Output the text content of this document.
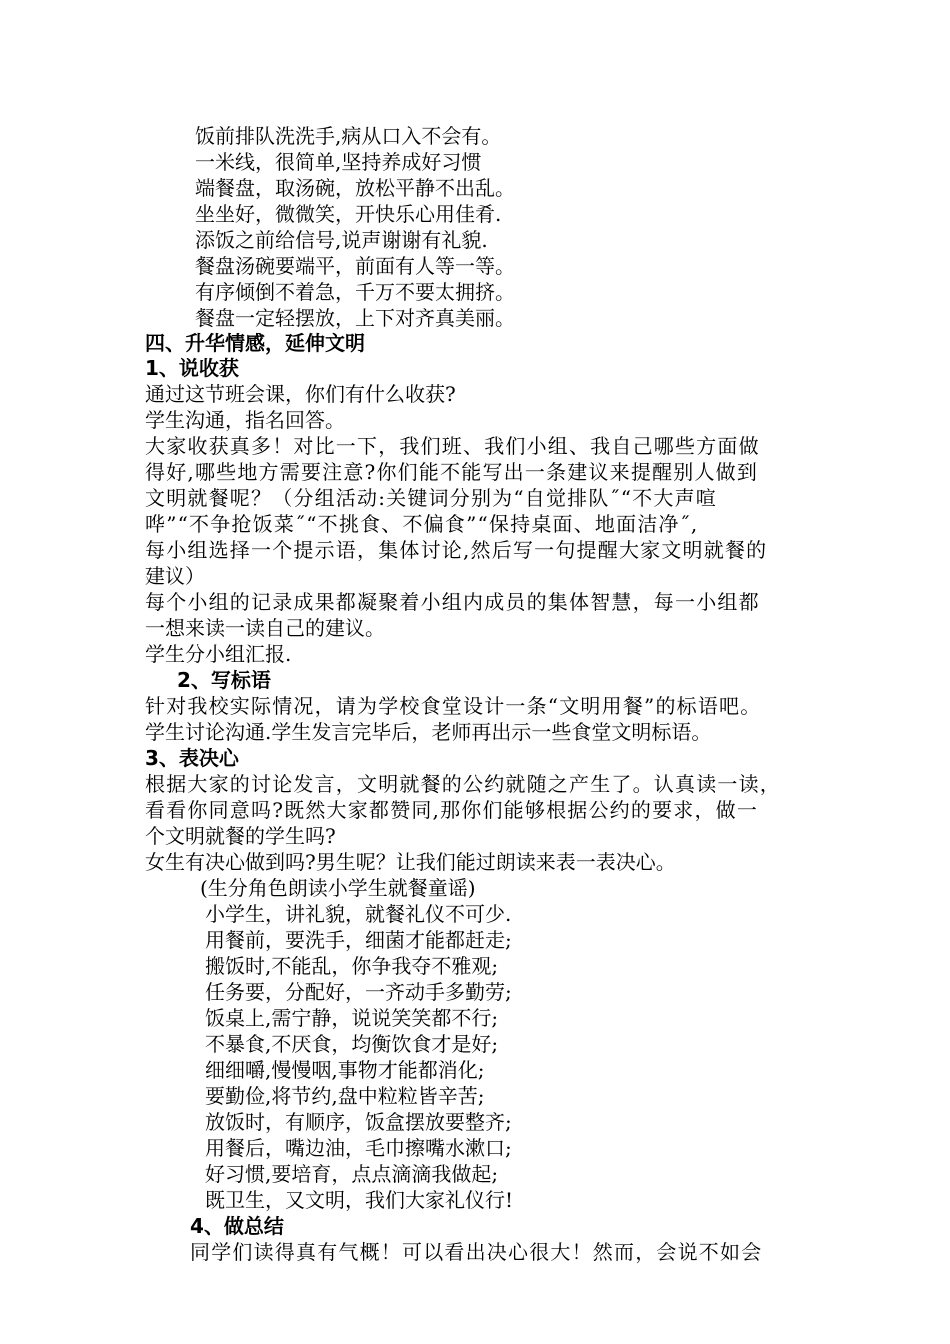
饭前排队洗洗手,病从口入不会有。
一米线，很简单,坚持养成好习惯
端餐盘，取汤碗，放松平静不出乱。
坐坐好，微微笑，开快乐心用佳肴.
添饭之前给信号,说声谢谢有礼貌.
餐盘汤碗要端平，前面有人等一等。
有序倾倒不着急，千万不要太拥挤。
餐盘一定轻摆放，上下对齐真美丽。
四、升华情感，延伸文明
1、说收获
通过这节班会课，你们有什么收获?
学生沟通，指名回答。
大家收获真多！对比一下，我们班、我们小组、我自己哪些方面做
得好,哪些地方需要注意?你们能不能写出一条建议来提醒别人做到
文明就餐呢？（分组活动:关键词分别为“自觉排队˝“不大声喧
哗”“不争抢饭菜˝“不挑食、不偏食”“保持桌面、地面洁净˝,
每小组选择一个提示语，集体讨论,然后写一句提醒大家文明就餐的
建议）
每个小组的记录成果都凝聚着小组内成员的集体智慧，每一小组都
一想来读一读自己的建议。
学生分小组汇报.
2、写标语
针对我校实际情况，请为学校食堂设计一条“文明用餐”的标语吧。
学生讨论沟通.学生发言完毕后，老师再出示一些食堂文明标语。
3、表决心
根据大家的讨论发言，文明就餐的公约就随之产生了。认真读一读，
看看你同意吗?既然大家都赞同,那你们能够根据公约的要求，做一
个文明就餐的学生吗?
女生有决心做到吗?男生呢？让我们能过朗读来表一表决心。
(生分角色朗读小学生就餐童谣)
小学生，讲礼貌，就餐礼仪不可少.
用餐前，要洗手，细菌才能都赶走;
搬饭时,不能乱，你争我夺不雅观;
任务要，分配好，一齐动手多勤劳;
饭桌上,需宁静，说说笑笑都不行;
不暴食,不厌食，均衡饮食才是好;
细细嚼,慢慢咽,事物才能都消化;
要勤俭,将节约,盘中粒粒皆辛苦;
放饭时，有顺序，饭盒摆放要整齐;
用餐后，嘴边油，毛巾擦嘴水漱口;
好习惯,要培育，点点滴滴我做起;
既卫生，又文明，我们大家礼仪行!
4、做总结
同学们读得真有气概！可以看出决心很大！然而，会说不如会
